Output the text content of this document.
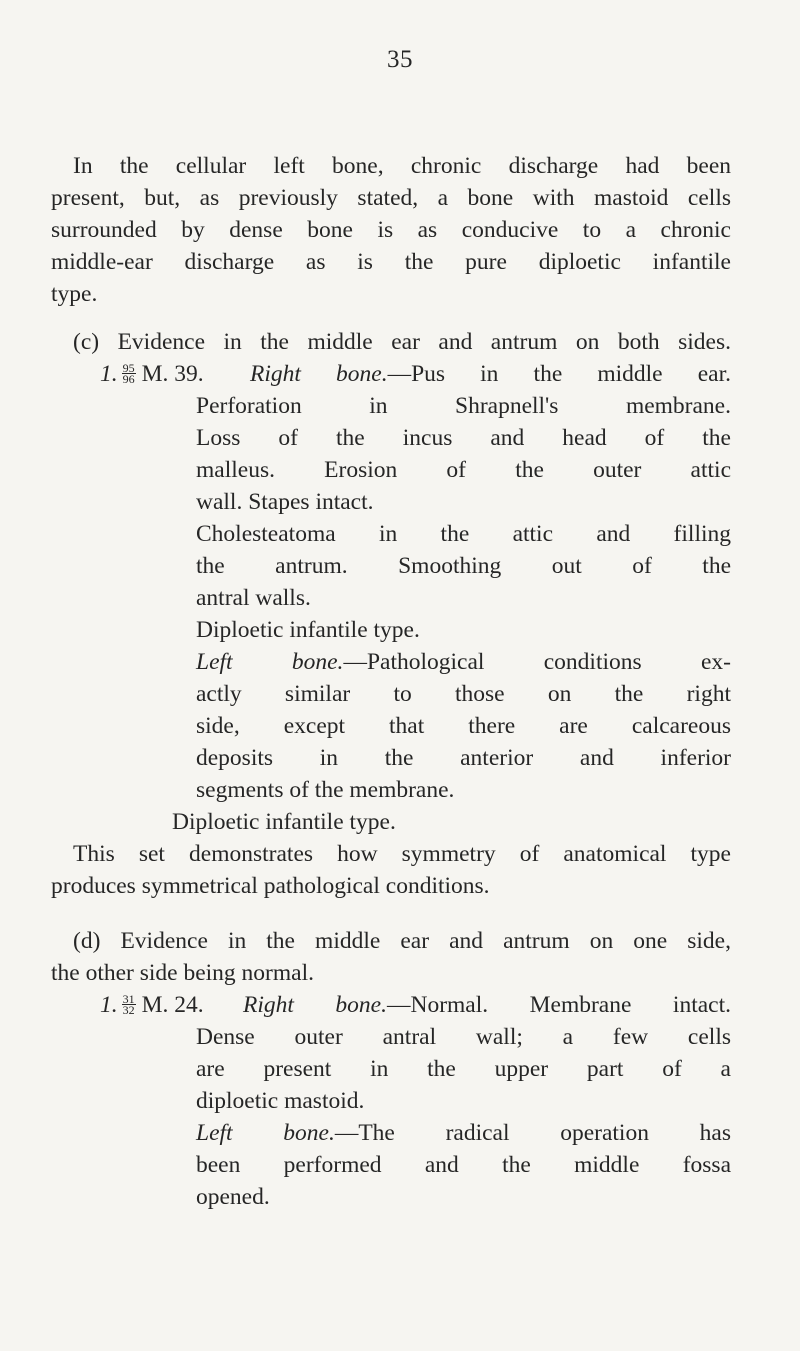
35
In the cellular left bone, chronic discharge had been
present, but, as previously stated, a bone with mastoid cells
surrounded by dense bone is as conducive to a chronic
middle-ear discharge as is the pure diploetic infantile
type.
(c) Evidence in the middle ear and antrum on both sides.
1. $\frac{95}{96} M$. 39. Right bone.—Pus in the middle ear.
Perforation in Shrapnell's membrane.
Loss of the incus and head of the
malleus. Erosion of the outer attic
wall. Stapes intact.
Cholesteatoma in the attic and filling
the antrum. Smoothing out of the
antral walls.
Diploetic infantile type.
Left bone.—Pathological conditions ex-
actly similar to those on the right
side, except that there are calcareous
deposits in the anterior and inferior
segments of the membrane.
Diploetic infantile type.
This set demonstrates how symmetry of anatomical type
produces symmetrical pathological conditions.
(d) Evidence in the middle ear and antrum on one side,
the other side being normal.
1. $\frac{31}{32} M$. 24. Right bone.—Normal. Membrane intact.
Dense outer antral wall; a few cells
are present in the upper part of a
diploetic mastoid.
Left bone.—The radical operation has
been performed and the middle fossa
opened.
